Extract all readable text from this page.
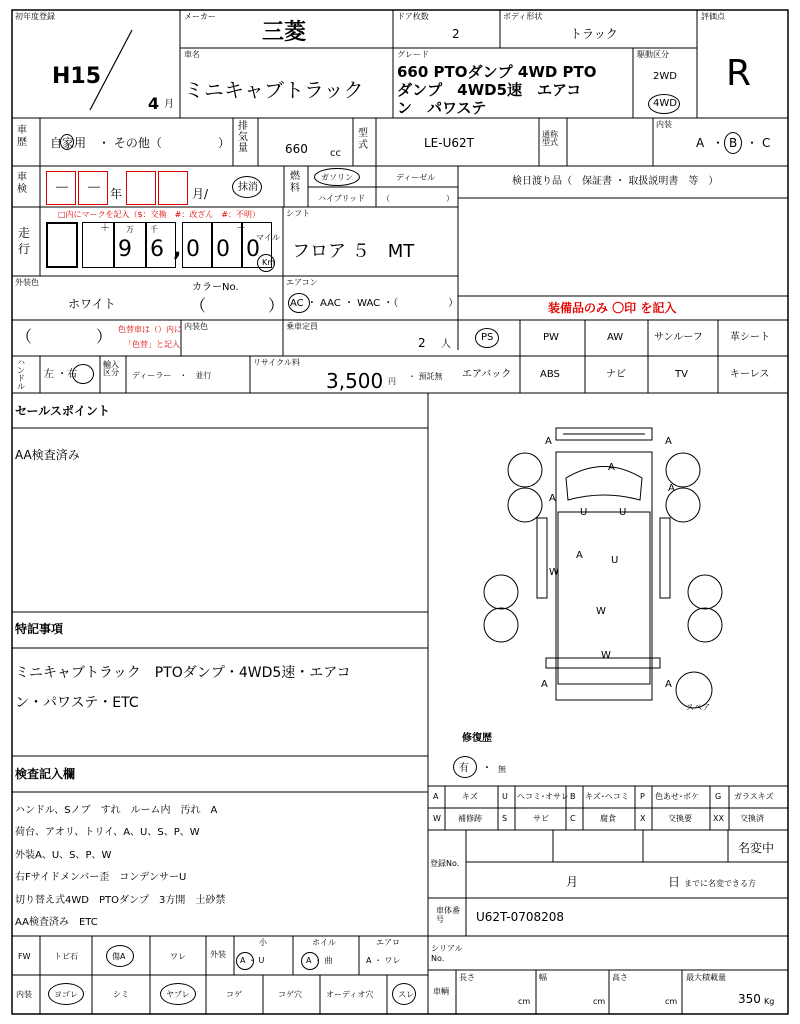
初年度登録
H15
4 月
メーカー
三菱
車名
ミニキャブトラック
ドア枚数
2
ボディ形状
トラック
グレード
660 PTOダンプ 4WD PTO
ダンプ　4WD5速　エアコ
ン　パワステ
駆動区分
2WD
4WD
評価点
R
車歴	自家用　・ その他（	）
排気量	660 cc
型式	LE-U62T
通称型式
内装
A ・ B ・ C
車検 － － 年	月/	抹消
燃料
ガソリン	ディーゼル
ハイブリッド （	）
検日渡り品（　保証書 ・ 取扱説明書　等　）
走行
□内にマークを記入（$：交換　#：改ざん　#：不明）
＋ 万 千	－
9 6 , 0 0 0
マイル
Km
シフト
フロア ５　MT
外装色
ホワイト
カラーNo.
（	）
エアコン
AC ・ AAC ・ WAC ・（　　　　　）
（	） 色替車は（）内に
「色替」と記入
内装色	乗車定員
2 人
装備品のみ 〇印 を記入
PS	PW	AW	サンルーフ	革シート
エアバック	ABS	ナビ	TV	キーレス
ハンドル
左 ・右
輸入区分	ディーラー　・　並行
リサイクル料
3,500 円
・ 預託無
セールスポイント
AA検査済み
特記事項
ミニキャブトラック　PTOダンプ・4WD5速・エアコ
ン・パワステ・ETC
検査記入欄
ハンドル、Sノブ　すれ　ルーム内　汚れ　A
荷台、アオリ、トリイ、A、U、S、P、W
外装A、U、S、P、W
右Fサイドメンバー歪　コンデンサーU
切り替え式4WD　PTOダンプ　3方開　土砂禁
AA検査済み　ETC
A	A
A
A
A
U	U
A	U
W
W
W
A	A
スペア
修復歴
有 ・ 無
A	キズ	U ヘコミ･オサレ B キズ･ヘコミ P 色あせ･ボケ G ガラスキズ
W 補修跡	S	サビ	C	腐食	X	交換要	XX 交換済
登録No.
名変中
月	日 までに名変できる方
車体番号	U62T-0708208
シリアルNo.
車輌
長さ
cm
幅
cm
高さ
cm
最大積載量
350 Kg
FW	トビ石	傷A	ワレ	外装
小
A ・ U
ホイル
A ・ 曲
エアロ
A ・ ワレ
内装	ヨゴレ	シミ	ヤブレ	コゲ	コゲ穴	オーディオ穴	スレ
